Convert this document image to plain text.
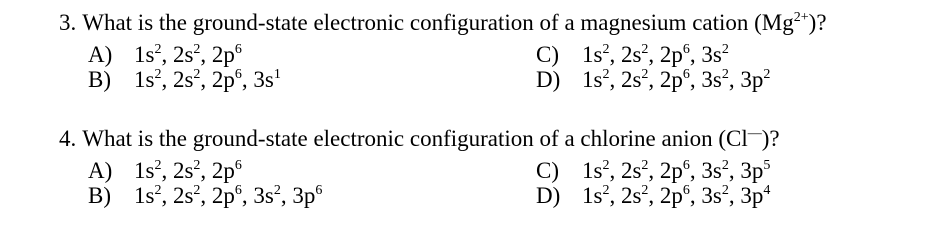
3. What is the ground-state electronic configuration of a magnesium cation $(Mg^{2+})$?
A) $1s^2$, $2s^2$, $2p^6$	C) $1s^2$, $2s^2$, $2p^6$, $3s^2$
B) $1s^2$, $2s^2$, $2p^6$, $3s^1$	D) $1s^2$, $2s^2$, $2p^6$, $3s^2$, $3p^2$
4. What is the ground-state electronic configuration of a chlorine anion (Cl—)?
A) $1s^2$, $2s^2$, $2p^6$	C) $1s^2$, $2s^2$, $2p^6$, $3s^2$, $3p^5$
B) $1s^2$, $2s^2$, $2p^6$, $3s^2$, $3p^6$	D) $1s^2$, $2s^2$, $2p^6$, $3s^2$, $3p^4$
